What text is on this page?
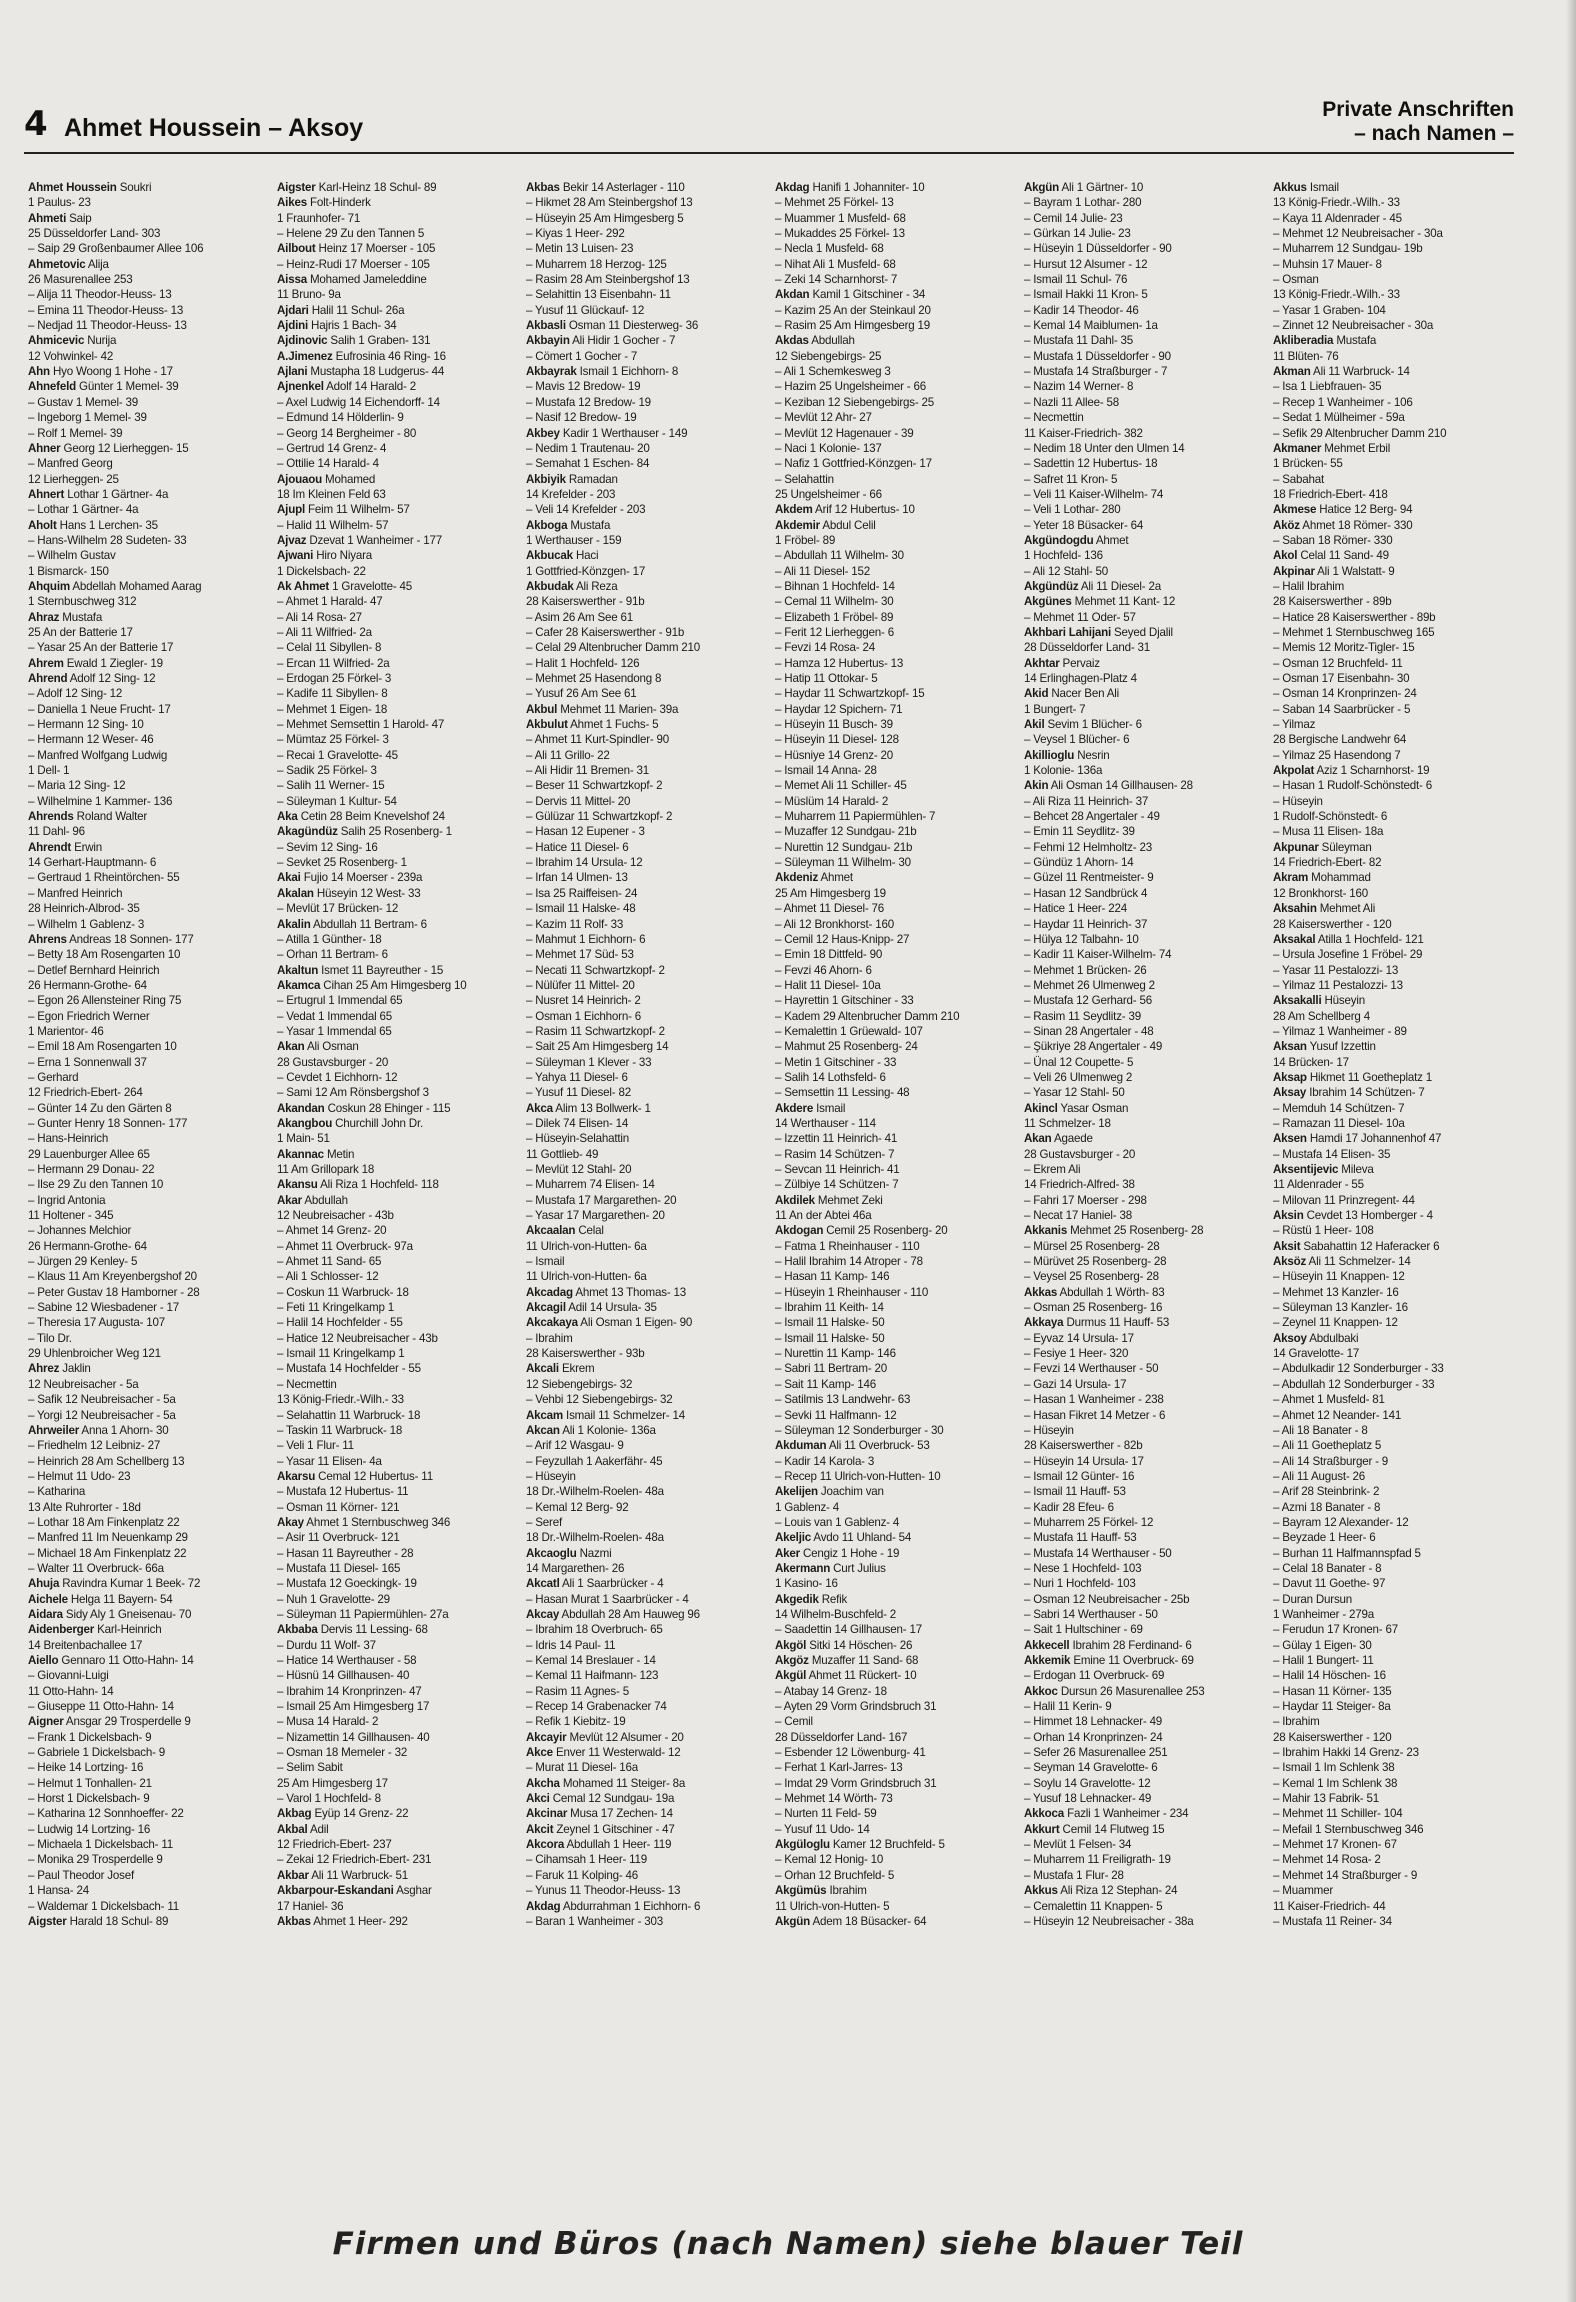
4 Ahmet Houssein – Aksoy
Private Anschriften
– nach Namen –
Ahmet Houssein Soukri
1 Paulus- 23
Ahmeti Saip
25 Düsseldorfer Land- 303
– Saip 29 Großenbaumer Allee 106
Ahmetovic Alija
26 Masurenallee 253
– Alija 11 Theodor-Heuss- 13
– Emina 11 Theodor-Heuss- 13
– Nedjad 11 Theodor-Heuss- 13
Ahmicevic Nurija
12 Vohwinkel- 42
Ahn Hyo Woong 1 Hohe - 17
Ahnefeld Günter 1 Memel- 39
– Gustav 1 Memel- 39
– Ingeborg 1 Memel- 39
– Rolf 1 Memel- 39
Ahner Georg 12 Lierheggen- 15
– Manfred Georg
12 Lierheggen- 25
Ahnert Lothar 1 Gärtner- 4a
– Lothar 1 Gärtner- 4a
Aholt Hans 1 Lerchen- 35
– Hans-Wilhelm 28 Sudeten- 33
– Wilhelm Gustav
1 Bismarck- 150
Ahquim Abdellah Mohamed Aarag
1 Sternbuschweg 312
Ahraz Mustafa
25 An der Batterie 17
– Yasar 25 An der Batterie 17
Ahrem Ewald 1 Ziegler- 19
Ahrend Adolf 12 Sing- 12
– Adolf 12 Sing- 12
– Daniella 1 Neue Frucht- 17
– Hermann 12 Sing- 10
– Hermann 12 Weser- 46
– Manfred Wolfgang Ludwig
1 Dell- 1
– Maria 12 Sing- 12
– Wilhelmine 1 Kammer- 136
Ahrends Roland Walter
11 Dahl- 96
Ahrendt Erwin
14 Gerhart-Hauptmann- 6
– Gertraud 1 Rheintörchen- 55
– Manfred Heinrich
28 Heinrich-Albrod- 35
– Wilhelm 1 Gablenz- 3
Ahrens Andreas 18 Sonnen- 177
– Betty 18 Am Rosengarten 10
– Detlef Bernhard Heinrich
26 Hermann-Grothe- 64
– Egon 26 Allensteiner Ring 75
– Egon Friedrich Werner
1 Marientor- 46
– Emil 18 Am Rosengarten 10
– Erna 1 Sonnenwall 37
– Gerhard
12 Friedrich-Ebert- 264
– Günter 14 Zu den Gärten 8
– Gunter Henry 18 Sonnen- 177
– Hans-Heinrich
29 Lauenburger Allee 65
– Hermann 29 Donau- 22
– Ilse 29 Zu den Tannen 10
– Ingrid Antonia
11 Holtener - 345
– Johannes Melchior
26 Hermann-Grothe- 64
– Jürgen 29 Kenley- 5
– Klaus 11 Am Kreyenbergshof 20
– Peter Gustav 18 Hamborner - 28
– Sabine 12 Wiesbadener - 17
– Theresia 17 Augusta- 107
– Tilo Dr.
29 Uhlenbroicher Weg 121
Ahrez Jaklin
12 Neubreisacher - 5a
– Safik 12 Neubreisacher - 5a
– Yorgi 12 Neubreisacher - 5a
Ahrweiler Anna 1 Ahorn- 30
– Friedhelm 12 Leibniz- 27
– Heinrich 28 Am Schellberg 13
– Helmut 11 Udo- 23
– Katharina
13 Alte Ruhrorter - 18d
– Lothar 18 Am Finkenplatz 22
– Manfred 11 Im Neuenkamp 29
– Michael 18 Am Finkenplatz 22
– Walter 11 Overbruck- 66a
Ahuja Ravindra Kumar 1 Beek- 72
Aichele Helga 11 Bayern- 54
Aidara Sidy Aly 1 Gneisenau- 70
Aidenberger Karl-Heinrich
14 Breitenbachallee 17
Aiello Gennaro 11 Otto-Hahn- 14
– Giovanni-Luigi
11 Otto-Hahn- 14
– Giuseppe 11 Otto-Hahn- 14
Aigner Ansgar 29 Trosperdelle 9
– Frank 1 Dickelsbach- 9
– Gabriele 1 Dickelsbach- 9
– Heike 14 Lortzing- 16
– Helmut 1 Tonhallen- 21
– Horst 1 Dickelsbach- 9
– Katharina 12 Sonnhoeffer- 22
– Ludwig 14 Lortzing- 16
– Michaela 1 Dickelsbach- 11
– Monika 29 Trosperdelle 9
– Paul Theodor Josef
1 Hansa- 24
– Waldemar 1 Dickelsbach- 11
Aigster Harald 18 Schul- 89
Aigster Karl-Heinz 18 Schul- 89
Aikes Folt-Hinderk
1 Fraunhofer- 71
– Helene 29 Zu den Tannen 5
Ailbout Heinz 17 Moerser - 105
– Heinz-Rudi 17 Moerser - 105
Aissa Mohamed Jameleddine
11 Bruno- 9a
Ajdari Halil 11 Schul- 26a
Ajdini Hajris 1 Bach- 34
Ajdinovic Salih 1 Graben- 131
A.Jimenez Eufrosinia 46 Ring- 16
Ajlani Mustapha 18 Ludgerus- 44
Ajnenkel Adolf 14 Harald- 2
– Axel Ludwig 14 Eichendorff- 14
– Edmund 14 Hölderlin- 9
– Georg 14 Bergheimer - 80
– Gertrud 14 Grenz- 4
– Ottilie 14 Harald- 4
Ajouaou Mohamed
18 Im Kleinen Feld 63
Ajupl Feim 11 Wilhelm- 57
– Halid 11 Wilhelm- 57
Ajvaz Dzevat 1 Wanheimer - 177
Ajwani Hiro Niyara
1 Dickelsbach- 22
Ak Ahmet 1 Gravelotte- 45
– Ahmet 1 Harald- 47
– Ali 14 Rosa- 27
– Ali 11 Wilfried- 2a
– Celal 11 Sibyllen- 8
– Ercan 11 Wilfried- 2a
– Erdogan 25 Förkel- 3
– Kadife 11 Sibyllen- 8
– Mehmet 1 Eigen- 18
– Mehmet Semsettin 1 Harold- 47
– Mümtaz 25 Förkel- 3
– Recai 1 Gravelotte- 45
– Sadik 25 Förkel- 3
– Salih 11 Werner- 15
– Süleyman 1 Kultur- 54
Aka Cetin 28 Beim Knevelshof 24
Akagündüz Salih 25 Rosenberg- 1
– Sevim 12 Sing- 16
– Sevket 25 Rosenberg- 1
Akai Fujio 14 Moerser - 239a
Akalan Hüseyin 12 West- 33
– Mevlüt 17 Brücken- 12
Akalin Abdullah 11 Bertram- 6
– Atilla 1 Günther- 18
– Orhan 11 Bertram- 6
Akaltun Ismet 11 Bayreuther - 15
Akamca Cihan 25 Am Himgesberg 10
– Ertugrul 1 Immendal 65
– Vedat 1 Immendal 65
– Yasar 1 Immendal 65
Akan Ali Osman
28 Gustavsburger - 20
– Cevdet 1 Eichhorn- 12
– Sami 12 Am Rönsbergshof 3
Akandan Coskun 28 Ehinger - 115
Akangbou Churchill John Dr.
1 Main- 51
Akannac Metin
11 Am Grillopark 18
Akansu Ali Riza 1 Hochfeld- 118
Akar Abdullah
12 Neubreisacher - 43b
– Ahmet 14 Grenz- 20
– Ahmet 11 Overbruck- 97a
– Ahmet 11 Sand- 65
– Ali 1 Schlosser- 12
– Coskun 11 Warbruck- 18
– Feti 11 Kringelkamp 1
– Halil 14 Hochfelder - 55
– Hatice 12 Neubreisacher - 43b
– Ismail 11 Kringelkamp 1
– Mustafa 14 Hochfelder - 55
– Necmettin
13 König-Friedr.-Wilh.- 33
– Selahattin 11 Warbruck- 18
– Taskin 11 Warbruck- 18
– Veli 1 Flur- 11
– Yasar 11 Elisen- 4a
Akarsu Cemal 12 Hubertus- 11
– Mustafa 12 Hubertus- 11
– Osman 11 Körner- 121
Akay Ahmet 1 Sternbuschweg 346
– Asir 11 Overbruck- 121
– Hasan 11 Bayreuther - 28
– Mustafa 11 Diesel- 165
– Mustafa 12 Goeckingk- 19
– Nuh 1 Gravelotte- 29
– Süleyman 11 Papiermühlen- 27a
Akbaba Dervis 11 Lessing- 68
– Durdu 11 Wolf- 37
– Hatice 14 Werthauser - 58
– Hüsnü 14 Gillhausen- 40
– Ibrahim 14 Kronprinzen- 47
– Ismail 25 Am Himgesberg 17
– Musa 14 Harald- 2
– Nizamettin 14 Gillhausen- 40
– Osman 18 Memeler - 32
– Selim Sabit
25 Am Himgesberg 17
– Varol 1 Hochfeld- 8
Akbag Eyüp 14 Grenz- 22
Akbal Adil
12 Friedrich-Ebert- 237
– Zekai 12 Friedrich-Ebert- 231
Akbar Ali 11 Warbruck- 51
Akbarpour-Eskandani Asghar
17 Haniel- 36
Akbas Ahmet 1 Heer- 292
Akbas Bekir 14 Asterlager - 110
– Hikmet 28 Am Steinbergshof 13
– Hüseyin 25 Am Himgesberg 5
– Kiyas 1 Heer- 292
– Metin 13 Luisen- 23
– Muharrem 18 Herzog- 125
– Rasim 28 Am Steinbergshof 13
– Selahittin 13 Eisenbahn- 11
– Yusuf 11 Glückauf- 12
Akbasli Osman 11 Diesterweg- 36
Akbayin Ali Hidir 1 Gocher - 7
– Cömert 1 Gocher - 7
Akbayrak Ismail 1 Eichhorn- 8
– Mavis 12 Bredow- 19
– Mustafa 12 Bredow- 19
– Nasif 12 Bredow- 19
Akbey Kadir 1 Werthauser - 149
– Nedim 1 Trautenau- 20
– Semahat 1 Eschen- 84
Akbiyik Ramadan
14 Krefelder - 203
– Veli 14 Krefelder - 203
Akboga Mustafa
1 Werthauser - 159
Akbucak Haci
1 Gottfried-Könzgen- 17
Akbudak Ali Reza
28 Kaiserswerther - 91b
– Asim 26 Am See 61
– Cafer 28 Kaiserswerther - 91b
– Celal 29 Altenbrucher Damm 210
– Halit 1 Hochfeld- 126
– Mehmet 25 Hasendong 8
– Yusuf 26 Am See 61
Akbul Mehmet 11 Marien- 39a
Akbulut Ahmet 1 Fuchs- 5
– Ahmet 11 Kurt-Spindler- 90
– Ali 11 Grillo- 22
– Ali Hidir 11 Bremen- 31
– Beser 11 Schwartzkopf- 2
– Dervis 11 Mittel- 20
– Gülüzar 11 Schwartzkopf- 2
– Hasan 12 Eupener - 3
– Hatice 11 Diesel- 6
– Ibrahim 14 Ursula- 12
– Irfan 14 Ulmen- 13
– Isa 25 Raiffeisen- 24
– Ismail 11 Halske- 48
– Kazim 11 Rolf- 33
– Mahmut 1 Eichhorn- 6
– Mehmet 17 Süd- 53
– Necati 11 Schwartzkopf- 2
– Nülüfer 11 Mittel- 20
– Nusret 14 Heinrich- 2
– Osman 1 Eichhorn- 6
– Rasim 11 Schwartzkopf- 2
– Sait 25 Am Himgesberg 14
– Süleyman 1 Klever - 33
– Yahya 11 Diesel- 6
– Yusuf 11 Diesel- 82
Akca Alim 13 Bollwerk- 1
– Dilek 74 Elisen- 14
– Hüseyin-Selahattin
11 Gottlieb- 49
– Mevlüt 12 Stahl- 20
– Muharrem 74 Elisen- 14
– Mustafa 17 Margarethen- 20
– Yasar 17 Margarethen- 20
Akcaalan Celal
11 Ulrich-von-Hutten- 6a
– Ismail
11 Ulrich-von-Hutten- 6a
Akcadag Ahmet 13 Thomas- 13
Akcagil Adil 14 Ursula- 35
Akcakaya Ali Osman 1 Eigen- 90
– Ibrahim
28 Kaiserswerther - 93b
Akcali Ekrem
12 Siebengebirgs- 32
– Vehbi 12 Siebengebirgs- 32
Akcam Ismail 11 Schmelzer- 14
Akcan Ali 1 Kolonie- 136a
– Arif 12 Wasgau- 9
– Feyzullah 1 Aakerfähr- 45
– Hüseyin
18 Dr.-Wilhelm-Roelen- 48a
– Kemal 12 Berg- 92
– Seref
18 Dr.-Wilhelm-Roelen- 48a
Akcaoglu Nazmi
14 Margarethen- 26
Akcatl Ali 1 Saarbrücker - 4
– Hasan Murat 1 Saarbrücker - 4
Akcay Abdullah 28 Am Hauweg 96
– Ibrahim 18 Overbruch- 65
– Idris 14 Paul- 11
– Kemal 14 Breslauer - 14
– Kemal 11 Haifmann- 123
– Rasim 11 Agnes- 5
– Recep 14 Grabenacker 74
– Refik 1 Kiebitz- 19
Akcayir Mevlüt 12 Alsumer - 20
Akce Enver 11 Westerwald- 12
– Murat 11 Diesel- 16a
Akcha Mohamed 11 Steiger- 8a
Akci Cemal 12 Sundgau- 19a
Akcinar Musa 17 Zechen- 14
Akcit Zeynel 1 Gitschiner - 47
Akcora Abdullah 1 Heer- 119
– Cihamsah 1 Heer- 119
– Faruk 11 Kolping- 46
– Yunus 11 Theodor-Heuss- 13
Akdag Abdurrahman 1 Eichhorn- 6
– Baran 1 Wanheimer - 303
Akdag Hanifi 1 Johanniter- 10
– Mehmet 25 Förkel- 13
– Muammer 1 Musfeld- 68
– Mukaddes 25 Förkel- 13
– Necla 1 Musfeld- 68
– Nihat Ali 1 Musfeld- 68
– Zeki 14 Scharnhorst- 7
Akdan Kamil 1 Gitschiner - 34
– Kazim 25 An der Steinkaul 20
– Rasim 25 Am Himgesberg 19
Akdas Abdullah
12 Siebengebirgs- 25
– Ali 1 Schemkesweg 3
– Hazim 25 Ungelsheimer - 66
– Keziban 12 Siebengebirgs- 25
– Mevlüt 12 Ahr- 27
– Mevlüt 12 Hagenauer - 39
– Naci 1 Kolonie- 137
– Nafiz 1 Gottfried-Könzgen- 17
– Selahattin
25 Ungelsheimer - 66
Akdem Arif 12 Hubertus- 10
Akdemir Abdul Celil
1 Fröbel- 89
– Abdullah 11 Wilhelm- 30
– Ali 11 Diesel- 152
– Bihnan 1 Hochfeld- 14
– Cemal 11 Wilhelm- 30
– Elizabeth 1 Fröbel- 89
– Ferit 12 Lierheggen- 6
– Fevzi 14 Rosa- 24
– Hamza 12 Hubertus- 13
– Hatip 11 Ottokar- 5
– Haydar 11 Schwartzkopf- 15
– Haydar 12 Spichern- 71
– Hüseyin 11 Busch- 39
– Hüseyin 11 Diesel- 128
– Hüsniye 14 Grenz- 20
– Ismail 14 Anna- 28
– Memet Ali 11 Schiller- 45
– Müslüm 14 Harald- 2
– Muharrem 11 Papiermühlen- 7
– Muzaffer 12 Sundgau- 21b
– Nurettin 12 Sundgau- 21b
– Süleyman 11 Wilhelm- 30
Akdeniz Ahmet
25 Am Himgesberg 19
– Ahmet 11 Diesel- 76
– Ali 12 Bronkhorst- 160
– Cemil 12 Haus-Knipp- 27
– Emin 18 Dittfeld- 90
– Fevzi 46 Ahorn- 6
– Halit 11 Diesel- 10a
– Hayrettin 1 Gitschiner - 33
– Kadem 29 Altenbrucher Damm 210
– Kemalettin 1 Grüewald- 107
– Mahmut 25 Rosenberg- 24
– Metin 1 Gitschiner - 33
– Salih 14 Lothsfeld- 6
– Semsettin 11 Lessing- 48
Akdere Ismail
14 Werthauser - 114
– Izzettin 11 Heinrich- 41
– Rasim 14 Schützen- 7
– Sevcan 11 Heinrich- 41
– Zülbiye 14 Schützen- 7
Akdilek Mehmet Zeki
11 An der Abtei 46a
Akdogan Cemil 25 Rosenberg- 20
– Fatma 1 Rheinhauser - 110
– Halil Ibrahim 14 Atroper - 78
– Hasan 11 Kamp- 146
– Hüseyin 1 Rheinhauser - 110
– Ibrahim 11 Keith- 14
– Ismail 11 Halske- 50
– Ismail 11 Halske- 50
– Nurettin 11 Kamp- 146
– Sabri 11 Bertram- 20
– Sait 11 Kamp- 146
– Satilmis 13 Landwehr- 63
– Sevki 11 Halfmann- 12
– Süleyman 12 Sonderburger - 30
Akduman Ali 11 Overbruck- 53
– Kadir 14 Karola- 3
– Recep 11 Ulrich-von-Hutten- 10
Akelijen Joachim van
1 Gablenz- 4
– Louis van 1 Gablenz- 4
Akeljic Avdo 11 Uhland- 54
Aker Cengiz 1 Hohe - 19
Akermann Curt Julius
1 Kasino- 16
Akgedik Refik
14 Wilhelm-Buschfeld- 2
– Saadettin 14 Gillhausen- 17
Akgöl Sitki 14 Höschen- 26
Akgöz Muzaffer 11 Sand- 68
Akgül Ahmet 11 Rückert- 10
– Atabay 14 Grenz- 18
– Ayten 29 Vorm Grindsbruch 31
– Cemil
28 Düsseldorfer Land- 167
– Esbender 12 Löwenburg- 41
– Ferhat 1 Karl-Jarres- 13
– Imdat 29 Vorm Grindsbruch 31
– Mehmet 14 Wörth- 73
– Nurten 11 Feld- 59
– Yusuf 11 Udo- 14
Akgüloglu Kamer 12 Bruchfeld- 5
– Kemal 12 Honig- 10
– Orhan 12 Bruchfeld- 5
Akgümüs Ibrahim
11 Ulrich-von-Hutten- 5
Akgün Adem 18 Büsacker- 64
Akgün Ali 1 Gärtner- 10
– Bayram 1 Lothar- 280
– Cemil 14 Julie- 23
– Gürkan 14 Julie- 23
– Hüseyin 1 Düsseldorfer - 90
– Hursut 12 Alsumer - 12
– Ismail 11 Schul- 76
– Ismail Hakki 11 Kron- 5
– Kadir 14 Theodor- 46
– Kemal 14 Maiblumen- 1a
– Mustafa 11 Dahl- 35
– Mustafa 1 Düsseldorfer - 90
– Mustafa 14 Straßburger - 7
– Nazim 14 Werner- 8
– Nazli 11 Allee- 58
– Necmettin
11 Kaiser-Friedrich- 382
– Nedim 18 Unter den Ulmen 14
– Sadettin 12 Hubertus- 18
– Safret 11 Kron- 5
– Veli 11 Kaiser-Wilhelm- 74
– Veli 1 Lothar- 280
– Yeter 18 Büsacker- 64
Akgündogdu Ahmet
1 Hochfeld- 136
– Ali 12 Stahl- 50
Akgündüz Ali 11 Diesel- 2a
Akgünes Mehmet 11 Kant- 12
– Mehmet 11 Oder- 57
Akhbari Lahijani Seyed Djalil
28 Düsseldorfer Land- 31
Akhtar Pervaiz
14 Erlinghagen-Platz 4
Akid Nacer Ben Ali
1 Bungert- 7
Akil Sevim 1 Blücher- 6
– Veysel 1 Blücher- 6
Akillioglu Nesrin
1 Kolonie- 136a
Akin Ali Osman 14 Gillhausen- 28
– Ali Riza 11 Heinrich- 37
– Behcet 28 Angertaler - 49
– Emin 11 Seydlitz- 39
– Fehmi 12 Helmholtz- 23
– Gündüz 1 Ahorn- 14
– Güzel 11 Rentmeister- 9
– Hasan 12 Sandbrück 4
– Hatice 1 Heer- 224
– Haydar 11 Heinrich- 37
– Hülya 12 Talbahn- 10
– Kadir 11 Kaiser-Wilhelm- 74
– Mehmet 1 Brücken- 26
– Mehmet 26 Ulmenweg 2
– Mustafa 12 Gerhard- 56
– Rasim 11 Seydlitz- 39
– Sinan 28 Angertaler - 48
– Şükriye 28 Angertaler - 49
– Ünal 12 Coupette- 5
– Veli 26 Ulmenweg 2
– Yasar 12 Stahl- 50
Akincl Yasar Osman
11 Schmelzer- 18
Akan Agaede
28 Gustavsburger - 20
– Ekrem Ali
14 Friedrich-Alfred- 38
– Fahri 17 Moerser - 298
– Necat 17 Haniel- 38
Akkanis Mehmet 25 Rosenberg- 28
– Mürsel 25 Rosenberg- 28
– Mürüvet 25 Rosenberg- 28
– Veysel 25 Rosenberg- 28
Akkas Abdullah 1 Wörth- 83
– Osman 25 Rosenberg- 16
Akkaya Durmus 11 Hauff- 53
– Eyvaz 14 Ursula- 17
– Fesiye 1 Heer- 320
– Fevzi 14 Werthauser - 50
– Gazi 14 Ursula- 17
– Hasan 1 Wanheimer - 238
– Hasan Fikret 14 Metzer - 6
– Hüseyin
28 Kaiserswerther - 82b
– Hüseyin 14 Ursula- 17
– Ismail 12 Günter- 16
– Ismail 11 Hauff- 53
– Kadir 28 Efeu- 6
– Muharrem 25 Förkel- 12
– Mustafa 11 Hauff- 53
– Mustafa 14 Werthauser - 50
– Nese 1 Hochfeld- 103
– Nuri 1 Hochfeld- 103
– Osman 12 Neubreisacher - 25b
– Sabri 14 Werthauser - 50
– Sait 1 Hultschiner - 69
Akkecell Ibrahim 28 Ferdinand- 6
Akkemik Emine 11 Overbruck- 69
– Erdogan 11 Overbruck- 69
Akkoc Dursun 26 Masurenallee 253
– Halil 11 Kerin- 9
– Himmet 18 Lehnacker- 49
– Orhan 14 Kronprinzen- 24
– Sefer 26 Masurenallee 251
– Seyman 14 Gravelotte- 6
– Soylu 14 Gravelotte- 12
– Yusuf 18 Lehnacker- 49
Akkoca Fazli 1 Wanheimer - 234
Akkurt Cemil 14 Flutweg 15
– Mevlüt 1 Felsen- 34
– Muharrem 11 Freiligrath- 19
– Mustafa 1 Flur- 28
Akkus Ali Riza 12 Stephan- 24
– Cemalettin 11 Knappen- 5
– Hüseyin 12 Neubreisacher - 38a
Akkus Ismail
13 König-Friedr.-Wilh.- 33
– Kaya 11 Aldenrader - 45
– Mehmet 12 Neubreisacher - 30a
– Muharrem 12 Sundgau- 19b
– Muhsin 17 Mauer- 8
– Osman
13 König-Friedr.-Wilh.- 33
– Yasar 1 Graben- 104
– Zinnet 12 Neubreisacher - 30a
Akliberadia Mustafa
11 Blüten- 76
Akman Ali 11 Warbruck- 14
– Isa 1 Liebfrauen- 35
– Recep 1 Wanheimer - 106
– Sedat 1 Mülheimer - 59a
– Sefik 29 Altenbrucher Damm 210
Akmaner Mehmet Erbil
1 Brücken- 55
– Sabahat
18 Friedrich-Ebert- 418
Akmese Hatice 12 Berg- 94
Aköz Ahmet 18 Römer- 330
– Saban 18 Römer- 330
Akol Celal 11 Sand- 49
Akpinar Ali 1 Walstatt- 9
– Halil Ibrahim
28 Kaiserswerther - 89b
– Hatice 28 Kaiserswerther - 89b
– Mehmet 1 Sternbuschweg 165
– Memis 12 Moritz-Tigler- 15
– Osman 12 Bruchfeld- 11
– Osman 17 Eisenbahn- 30
– Osman 14 Kronprinzen- 24
– Saban 14 Saarbrücker - 5
– Yilmaz
28 Bergische Landwehr 64
– Yilmaz 25 Hasendong 7
Akpolat Aziz 1 Scharnhorst- 19
– Hasan 1 Rudolf-Schönstedt- 6
– Hüseyin
1 Rudolf-Schönstedt- 6
– Musa 11 Elisen- 18a
Akpunar Süleyman
14 Friedrich-Ebert- 82
Akram Mohammad
12 Bronkhorst- 160
Aksahin Mehmet Ali
28 Kaiserswerther - 120
Aksakal Atilla 1 Hochfeld- 121
– Ursula Josefine 1 Fröbel- 29
– Yasar 11 Pestalozzi- 13
– Yilmaz 11 Pestalozzi- 13
Aksakalli Hüseyin
28 Am Schellberg 4
– Yilmaz 1 Wanheimer - 89
Aksan Yusuf Izzettin
14 Brücken- 17
Aksap Hikmet 11 Goetheplatz 1
Aksay Ibrahim 14 Schützen- 7
– Memduh 14 Schützen- 7
– Ramazan 11 Diesel- 10a
Aksen Hamdi 17 Johannenhof 47
– Mustafa 14 Elisen- 35
Aksentijevic Mileva
11 Aldenrader - 55
– Milovan 11 Prinzregent- 44
Aksin Cevdet 13 Homberger - 4
– Rüstü 1 Heer- 108
Aksit Sabahattin 12 Haferacker 6
Aksöz Ali 11 Schmelzer- 14
– Hüseyin 11 Knappen- 12
– Mehmet 13 Kanzler- 16
– Süleyman 13 Kanzler- 16
– Zeynel 11 Knappen- 12
Aksoy Abdulbaki
14 Gravelotte- 17
– Abdulkadir 12 Sonderburger - 33
– Abdullah 12 Sonderburger - 33
– Ahmet 1 Musfeld- 81
– Ahmet 12 Neander- 141
– Ali 18 Banater - 8
– Ali 11 Goetheplatz 5
– Ali 14 Straßburger - 9
– Ali 11 August- 26
– Arif 28 Steinbrink- 2
– Azmi 18 Banater - 8
– Bayram 12 Alexander- 12
– Beyzade 1 Heer- 6
– Burhan 11 Halfmannspfad 5
– Celal 18 Banater - 8
– Davut 11 Goethe- 97
– Duran Dursun
1 Wanheimer - 279a
– Ferudun 17 Kronen- 67
– Gülay 1 Eigen- 30
– Halil 1 Bungert- 11
– Halil 14 Höschen- 16
– Hasan 11 Körner- 135
– Haydar 11 Steiger- 8a
– Ibrahim
28 Kaiserswerther - 120
– Ibrahim Hakki 14 Grenz- 23
– Ismail 1 Im Schlenk 38
– Kemal 1 Im Schlenk 38
– Mahir 13 Fabrik- 51
– Mehmet 11 Schiller- 104
– Mefail 1 Sternbuschweg 346
– Mehmet 17 Kronen- 67
– Mehmet 14 Rosa- 2
– Mehmet 14 Straßburger - 9
– Muammer
11 Kaiser-Friedrich- 44
– Mustafa 11 Reiner- 34
Firmen und Büros (nach Namen) siehe blauer Teil
